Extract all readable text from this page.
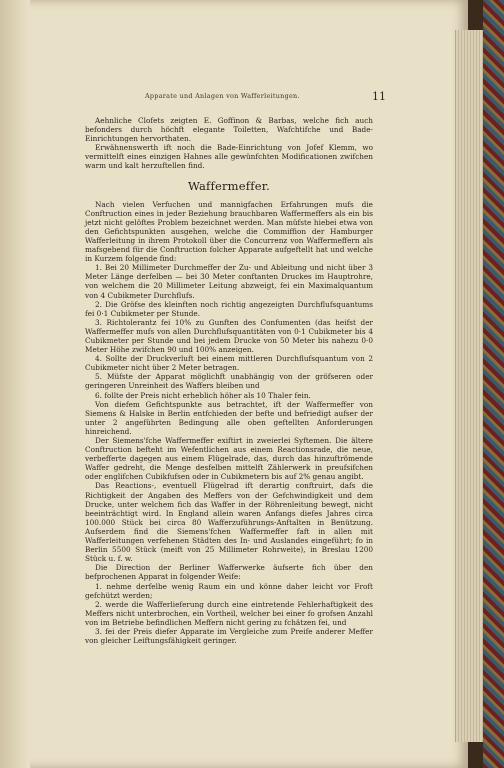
Apparate und Anlagen von Wafferleitungen.	11

Aehnliche Clofets zeigten E. Goffinon & Barbas, welche fich auch befonders durch höchft elegante Toiletten, Wafchtifche und Bade-Einrichtungen hervorthaten.

Erwähnenswerth ift noch die Bade-Einrichtung von Jofef Klemm, wo vermittelft eines einzigen Hahnes alle gewünfchten Modificationen zwifchen warm und kalt herzuftellen find.

Waffermeffer.

Nach vielen Verfuchen und mannigfachen Erfahrungen mufs die Conftruction eines in jeder Beziehung brauchbaren Waffermeffers als ein bis jetzt nicht gelöftes Problem bezeichnet werden. Man müfste hiebei etwa von den Gefichtspunkten ausgehen, welche die Commiffion der Hamburger Wafferleitung in ihrem Protokoll über die Concurrenz von Waffermeffern als mafsgebend für die Conftruction folcher Apparate aufgeftellt hat und welche in Kurzem folgende find:

1. Bei 20 Millimeter Durchmeffer der Zu- und Ableitung und nicht über 3 Meter Länge derfelben — bei 30 Meter conftanten Druckes im Hauptrohre, von welchem die 20 Millimeter Leitung abzweigt, fei ein Maximalquantum von 4 Cubikmeter Durchflufs.

2. Die Gröfse des kleinften noch richtig angezeigten Durchflufsquantums fei 0·1 Cubikmeter per Stunde.

3. Richtolerantz fei 10% zu Gunften des Confumenten (das heifst der Waffermeffer mufs von allen Durchflufsquantitäten von 0·1 Cubikmeter bis 4 Cubikmeter per Stunde und bei jedem Drucke von 50 Meter bis nahezu 0·0 Meter Höhe zwifchen 90 und 100% anzeigen.

4. Sollte der Druckverluft bei einem mittleren Durchflufsquantum von 2 Cubikmeter nicht über 2 Meter betragen.

5. Müfste der Apparat möglichft unabhängig von der gröfseren oder geringeren Unreinheit des Waffers bleiben und

6. follte der Preis nicht erheblich höher als 10 Thaler fein.

Von diefem Gefichtspunkte aus betrachtet, ift der Waffermeffer von Siemens & Halske in Berlin entfchieden der befte und befriedigt aufser der unter 2 angeführten Bedingung alle oben geftellten Anforderungen hinreichend.

Der Siemens'fche Waffermeffer exiftirt in zweierlei Syftemen. Die ältere Conftruction befteht im Wefentlichen aus einem Reactionsrade, die neue, verbefferte dagegen aus einem Flügelrade, das, durch das hinzuftrömende Waffer gedreht, die Menge desfelben mittelft Zählerwerk in preufsifchen oder englifchen Cubikfufsen oder in Cubikmetern bis auf 2% genau angibt.

Das Reactions-, eventuell Flügelrad ift derartig conftruirt, dafs die Richtigkeit der Angaben des Meffers von der Gefchwindigkeit und dem Drucke, unter welchem fich das Waffer in der Röhrenleitung bewegt, nicht beeinträchtigt wird. In England allein waren Anfangs diefes Jahres circa 100.000 Stück bei circa 80 Wafferzuführungs-Anftalten in Benützung. Aufserdem find die Siemens'fchen Waffermeffer faft in allen mit Wafferleitungen verfehenen Städten des In- und Auslandes eingeführt; fo in Berlin 5500 Stück (meift von 25 Millimeter Rohrweite), in Breslau 1200 Stück u. f. w.

Die Direction der Berliner Wafferwerke äufserte fich über den befprochenen Apparat in folgender Weife:

1. nehme derfelbe wenig Raum ein und könne daher leicht vor Froft gefchützt werden;

2. werde die Wafferlieferung durch eine eintretende Fehlerhaftigkeit des Meffers nicht unterbrochen, ein Vortheil, welcher bei einer fo grofsen Anzahl von im Betriebe befindlichen Meffern nicht gering zu fchätzen fei, und

3. fei der Preis diefer Apparate im Vergleiche zum Preife anderer Meffer von gleicher Leiftungsfähigkeit geringer.
